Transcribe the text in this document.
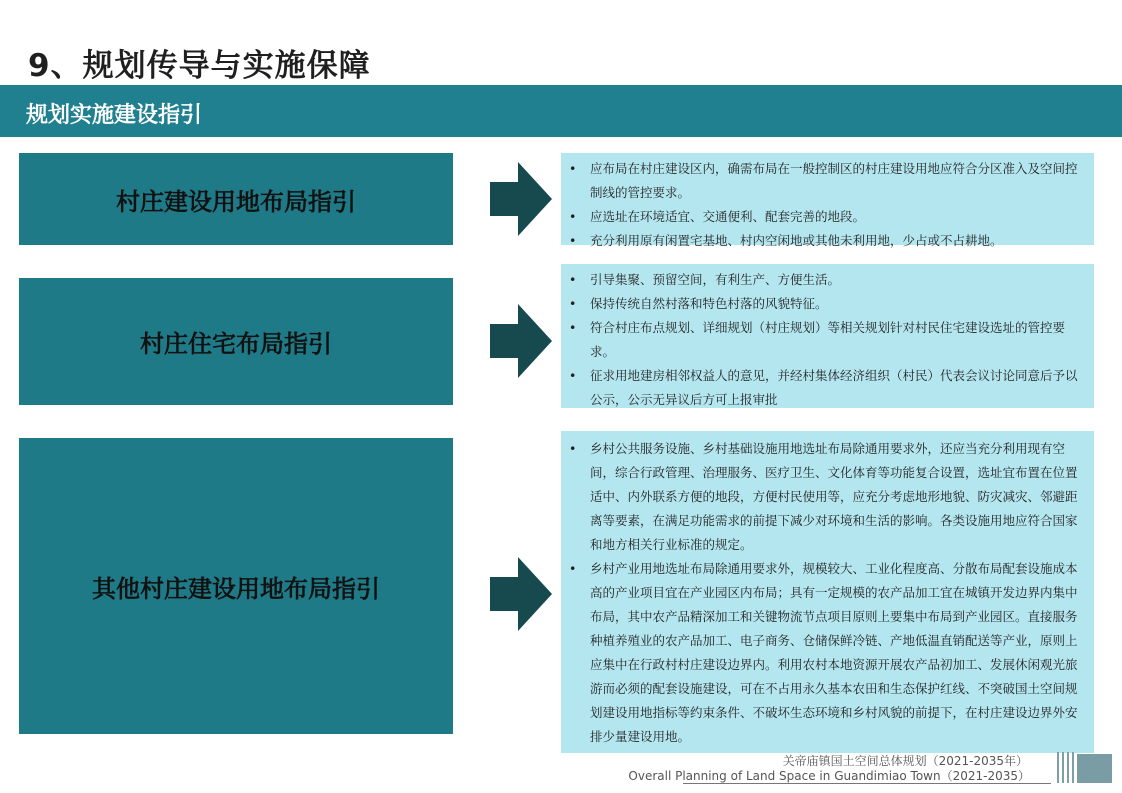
9、规划传导与实施保障
规划实施建设指引
村庄建设用地布局指引
• 应布局在村庄建设区内，确需布局在一般控制区的村庄建设用地应符合分区准入及空间控制线的管控要求。
• 应选址在环境适宜、交通便利、配套完善的地段。
• 充分利用原有闲置宅基地、村内空闲地或其他未利用地，少占或不占耕地。
村庄住宅布局指引
• 引导集聚、预留空间，有利生产、方便生活。
• 保持传统自然村落和特色村落的风貌特征。
• 符合村庄布点规划、详细规划（村庄规划）等相关规划针对村民住宅建设选址的管控要求。
• 征求用地建房相邻权益人的意见，并经村集体经济组织（村民）代表会议讨论同意后予以公示，公示无异议后方可上报审批
其他村庄建设用地布局指引
• 乡村公共服务设施、乡村基础设施用地选址布局除通用要求外，还应当充分利用现有空间，综合行政管理、治理服务、医疗卫生、文化体育等功能复合设置，选址宜布置在位置适中、内外联系方便的地段，方便村民使用等，应充分考虑地形地貌、防灾减灾、邻避距离等要素，在满足功能需求的前提下减少对环境和生活的影响。各类设施用地应符合国家和地方相关行业标准的规定。
• 乡村产业用地选址布局除通用要求外，规模较大、工业化程度高、分散布局配套设施成本高的产业项目宜在产业园区内布局；具有一定规模的农产品加工宜在城镇开发边界内集中布局，其中农产品精深加工和关键物流节点项目原则上要集中布局到产业园区。直接服务种植养殖业的农产品加工、电子商务、仓储保鲜冷链、产地低温直销配送等产业，原则上应集中在行政村村庄建设边界内。利用农村本地资源开展农产品初加工、发展休闲观光旅游而必须的配套设施建设，可在不占用永久基本农田和生态保护红线、不突破国土空间规划建设用地指标等约束条件、不破坏生态环境和乡村风貌的前提下，在村庄建设边界外安排少量建设用地。
关帝庙镇国土空间总体规划（2021-2035年）
Overall Planning of Land Space in Guandimiao Town（2021-2035）
